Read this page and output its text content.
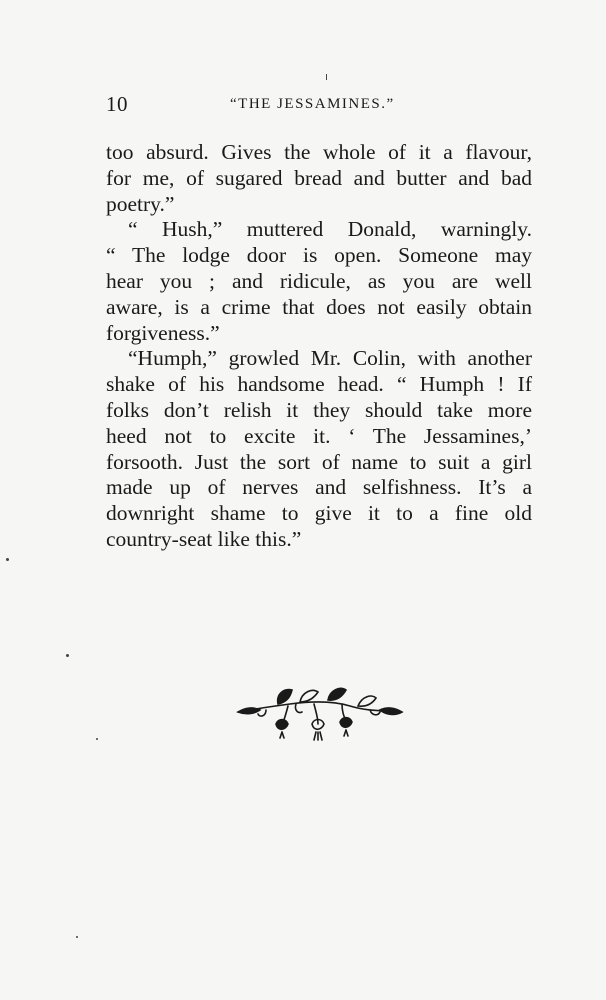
10	“THE JESSAMINES.”
too absurd. Gives the whole of it a flavour,
for me, of sugared bread and butter and bad
poetry.”
“ Hush,” muttered Donald, warningly.
“ The lodge door is open. Someone may
hear you ; and ridicule, as you are well
aware, is a crime that does not easily obtain
forgiveness.”
“Humph,” growled Mr. Colin, with another
shake of his handsome head. “ Humph ! If
folks don’t relish it they should take more
heed not to excite it. ‘ The Jessamines,’
forsooth. Just the sort of name to suit a girl
made up of nerves and selfishness. It’s a
downright shame to give it to a fine old
country-seat like this.”
